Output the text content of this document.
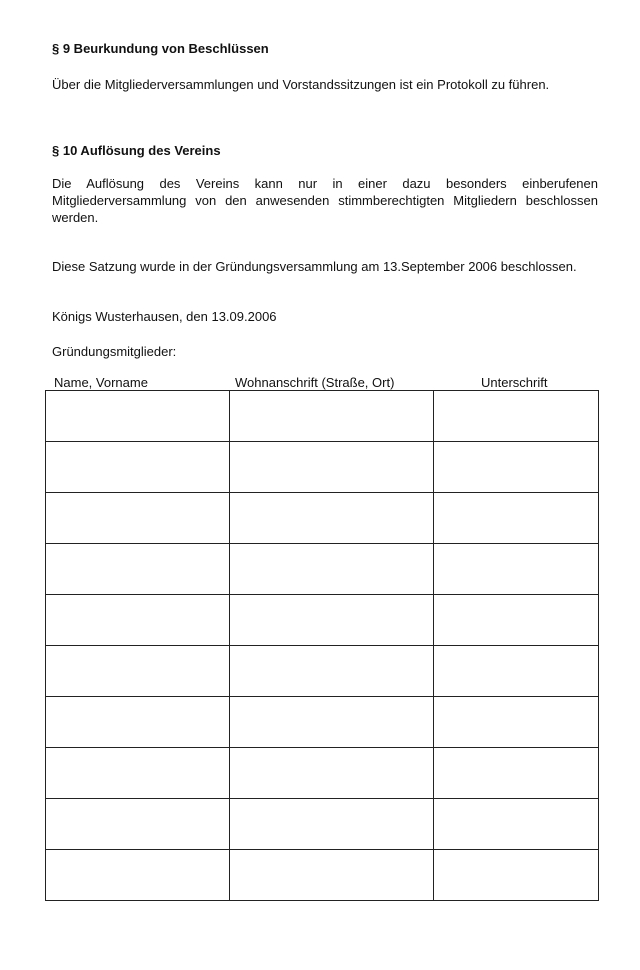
§ 9 Beurkundung von Beschlüssen

Über die Mitgliederversammlungen und Vorstandssitzungen ist ein Protokoll zu führen.

§ 10 Auflösung des Vereins

Die Auflösung des Vereins kann nur in einer dazu besonders einberufenen Mitgliederversammlung von den anwesenden stimmberechtigten Mitgliedern beschlossen werden.

Diese Satzung wurde in der Gründungsversammlung am 13.September 2006 beschlossen.

Königs Wusterhausen, den 13.09.2006

Gründungsmitglieder:

Name, Vorname	Wohnanschrift (Straße, Ort)	Unterschrift
